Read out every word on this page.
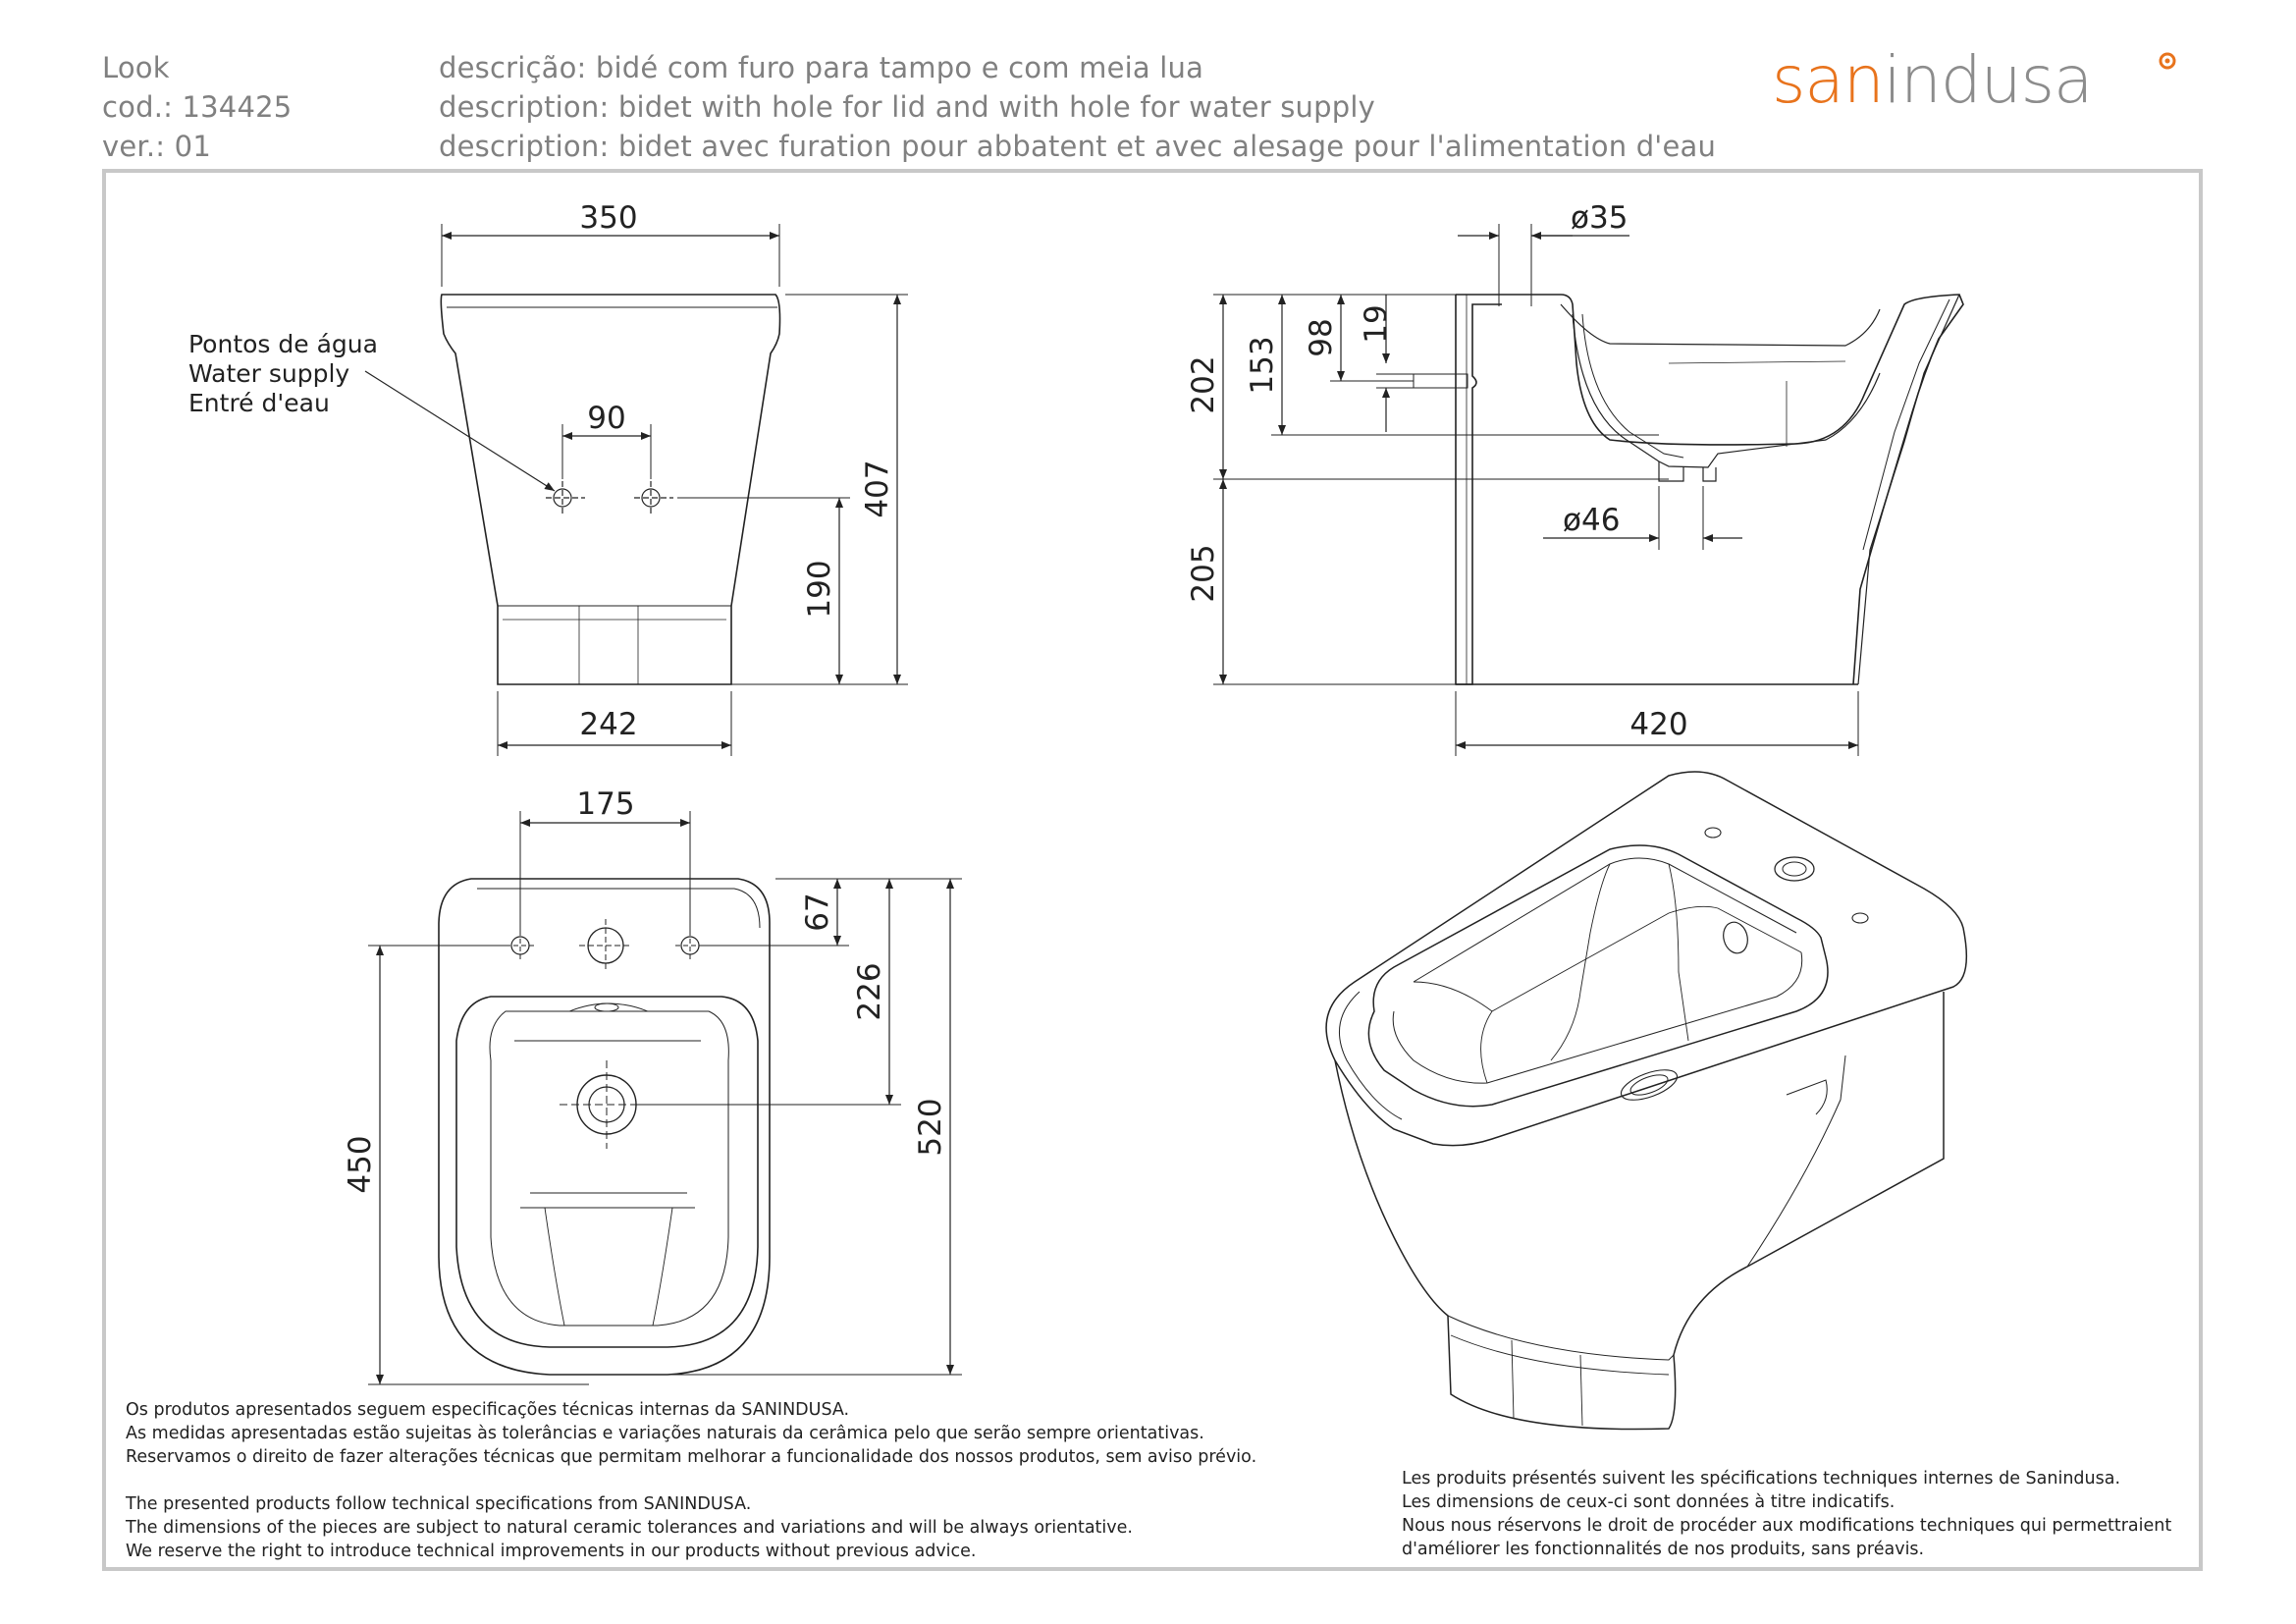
Look
cod.: 134425
ver.: 01
descrição: bidé com furo para tampo e com meia lua
description: bidet with hole for lid and with hole for water supply
description: bidet avec furation pour abbatent et avec alesage pour l'alimentation d'eau
sanindusa
350
90
407
190
242
Pontos de água
Water supply
Entré d'eau
ø35
202 153 98 19
ø46
205
420
175
67
226
520
450
Os produtos apresentados seguem especificações técnicas internas da SANINDUSA.
As medidas apresentadas estão sujeitas às tolerâncias e variações naturais da cerâmica pelo que serão sempre orientativas.
Reservamos o direito de fazer alterações técnicas que permitam melhorar a funcionalidade dos nossos produtos, sem aviso prévio.
The presented products follow technical specifications from SANINDUSA.
The dimensions of the pieces are subject to natural ceramic tolerances and variations and will be always orientative.
We reserve the right to introduce technical improvements in our products without previous advice.
Les produits présentés suivent les spécifications techniques internes de Sanindusa.
Les dimensions de ceux-ci sont données à titre indicatifs.
Nous nous réservons le droit de procéder aux modifications techniques qui permettraient
d'améliorer les fonctionnalités de nos produits, sans préavis.
